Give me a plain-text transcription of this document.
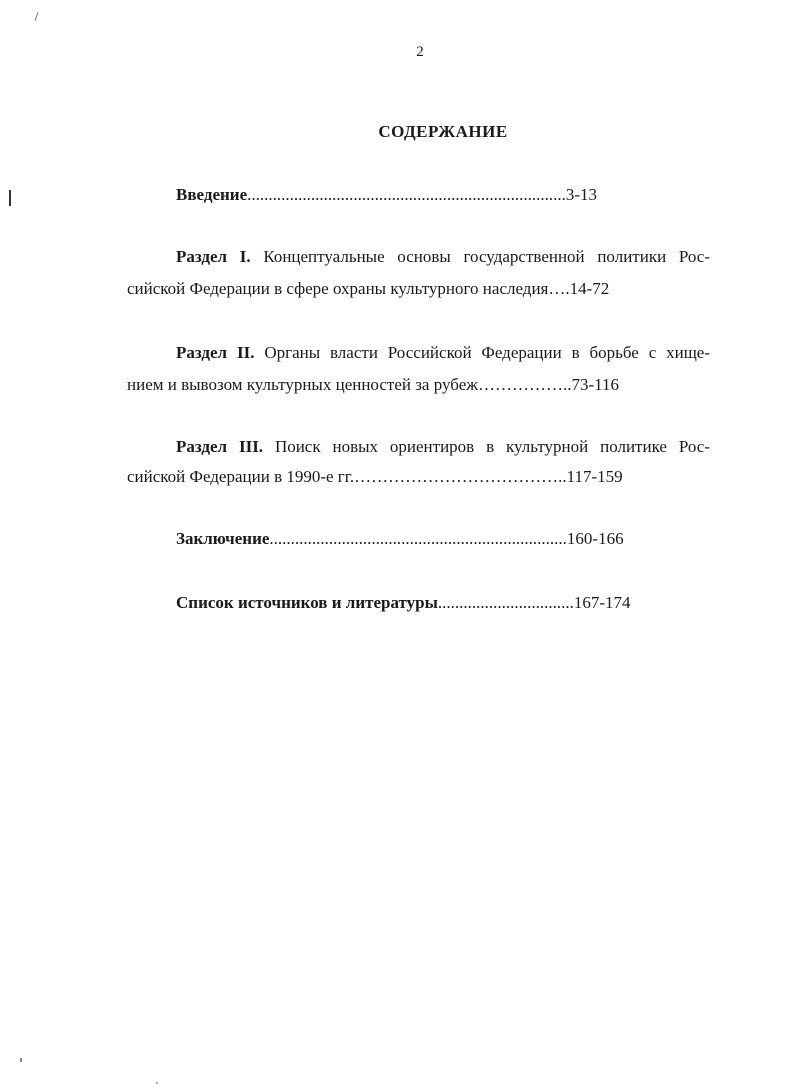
2
СОДЕРЖАНИЕ
Введение...........................................................................3-13
Раздел I. Концептуальные основы государственной политики Рос-
сийской Федерации в сфере охраны культурного наследия….14-72
Раздел II. Органы власти Российской Федерации в борьбе с хище-
нием и вывозом культурных ценностей за рубеж……………..73-116
Раздел III. Поиск новых ориентиров в культурной политике Рос-
сийской Федерации в 1990-е гг.………………………………..117-159
Заключение......................................................................160-166
Список источников и литературы................................167-174
